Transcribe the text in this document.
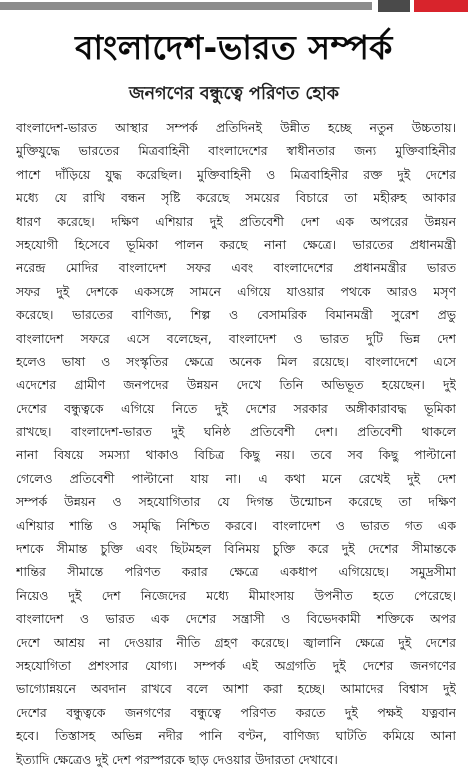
বাংলাদেশ-ভারত সম্পর্ক
জনগণের বন্ধুত্বে পরিণত হোক
বাংলাদেশ-ভারত আস্থার সম্পর্ক প্রতিদিনই উন্নীত হচ্ছে নতুন উচ্চতায়।
মুক্তিযুদ্ধে ভারতের মিত্রবাহিনী বাংলাদেশের স্বাধীনতার জন্য মুক্তিবাহিনীর
পাশে দাঁড়িয়ে যুদ্ধ করেছিল। মুক্তিবাহিনী ও মিত্রবাহিনীর রক্ত দুই দেশের
মধ্যে যে রাখি বন্ধন সৃষ্টি করেছে সময়ের বিচারে তা মহীরুহ আকার
ধারণ করেছে। দক্ষিণ এশিয়ার দুই প্রতিবেশী দেশ এক অপরের উন্নয়ন
সহযোগী হিসেবে ভূমিকা পালন করছে নানা ক্ষেত্রে। ভারতের প্রধানমন্ত্রী
নরেন্দ্র মোদির বাংলাদেশ সফর এবং বাংলাদেশের প্রধানমন্ত্রীর ভারত
সফর দুই দেশকে একসঙ্গে সামনে এগিয়ে যাওয়ার পথকে আরও মসৃণ
করেছে। ভারতের বাণিজ্য, শিল্প ও বেসামরিক বিমানমন্ত্রী সুরেশ প্রভু
বাংলাদেশ সফরে এসে বলেছেন, বাংলাদেশ ও ভারত দুটি ভিন্ন দেশ
হলেও ভাষা ও সংস্কৃতির ক্ষেত্রে অনেক মিল রয়েছে। বাংলাদেশে এসে
এদেশের গ্রামীণ জনপদের উন্নয়ন দেখে তিনি অভিভূত হয়েছেন। দুই
দেশের বন্ধুত্বকে এগিয়ে নিতে দুই দেশের সরকার অঙ্গীকারাবদ্ধ ভূমিকা
রাখছে। বাংলাদেশ-ভারত দুই ঘনিষ্ঠ প্রতিবেশী দেশ। প্রতিবেশী থাকলে
নানা বিষয়ে সমস্যা থাকাও বিচিত্র কিছু নয়। তবে সব কিছু পাল্টানো
গেলেও প্রতিবেশী পাল্টানো যায় না। এ কথা মনে রেখেই দুই দেশ
সম্পর্ক উন্নয়ন ও সহযোগিতার যে দিগন্ত উন্মোচন করেছে তা দক্ষিণ
এশিয়ার শান্তি ও সমৃদ্ধি নিশ্চিত করবে। বাংলাদেশ ও ভারত গত এক
দশকে সীমান্ত চুক্তি এবং ছিটমহল বিনিময় চুক্তি করে দুই দেশের সীমান্তকে
শান্তির সীমান্তে পরিণত করার ক্ষেত্রে একধাপ এগিয়েছে। সমুদ্রসীমা
নিয়েও দুই দেশ নিজেদের মধ্যে মীমাংসায় উপনীত হতে পেরেছে।
বাংলাদেশ ও ভারত এক দেশের সন্ত্রাসী ও বিভেদকামী শক্তিকে অপর
দেশে আশ্রয় না দেওয়ার নীতি গ্রহণ করেছে। জ্বালানি ক্ষেত্রে দুই দেশের
সহযোগিতা প্রশংসার যোগ্য। সম্পর্ক এই অগ্রগতি দুই দেশের জনগণের
ভাগ্যোন্নয়নে অবদান রাখবে বলে আশা করা হচ্ছে। আমাদের বিশ্বাস দুই
দেশের বন্ধুত্বকে জনগণের বন্ধুত্বে পরিণত করতে দুই পক্ষই যত্নবান
হবে। তিস্তাসহ অভিন্ন নদীর পানি বণ্টন, বাণিজ্য ঘাটতি কমিয়ে আনা
ইত্যাদি ক্ষেত্রেও দুই দেশ পরস্পরকে ছাড় দেওয়ার উদারতা দেখাবে।
